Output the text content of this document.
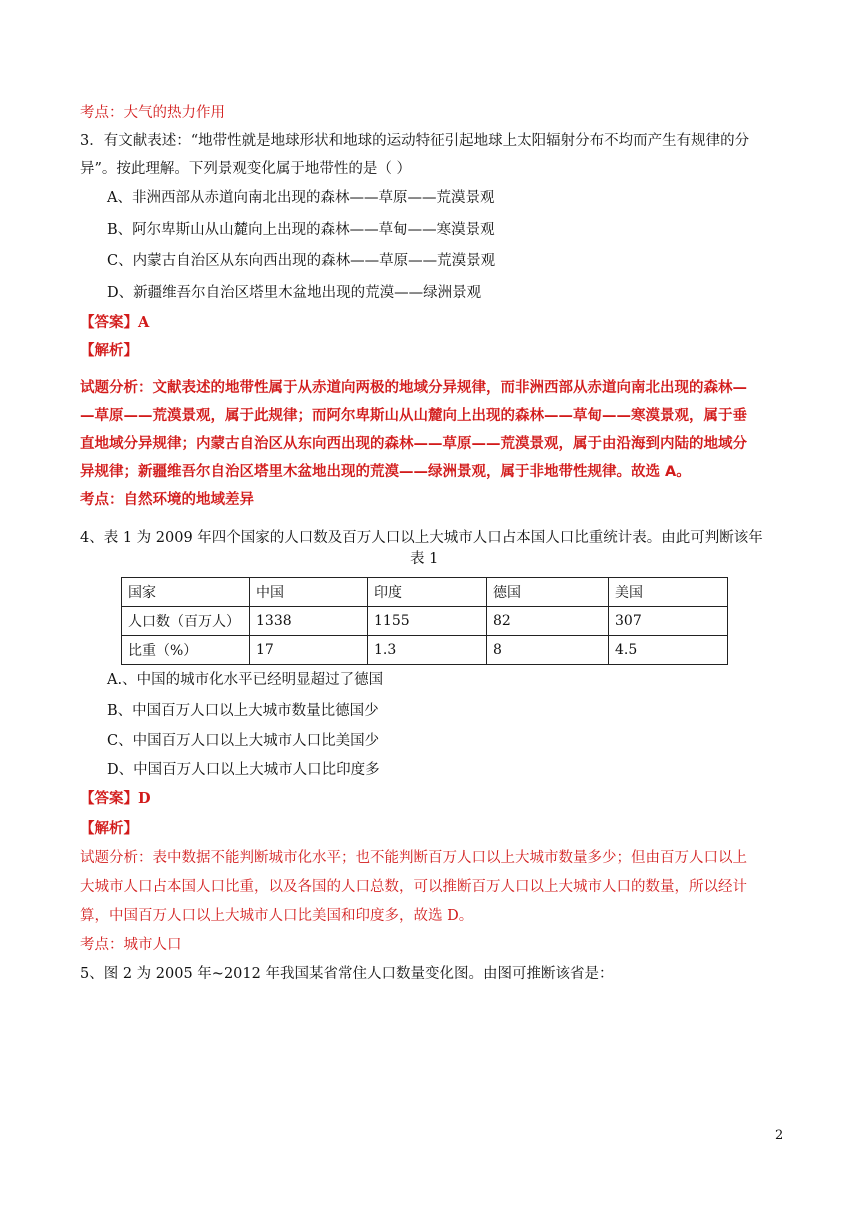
考点：大气的热力作用
3．有文献表述：“地带性就是地球形状和地球的运动特征引起地球上太阳辐射分布不均而产生有规律的分
异”。按此理解。下列景观变化属于地带性的是（ ）
A、非洲西部从赤道向南北出现的森林——草原——荒漠景观
B、阿尔卑斯山从山麓向上出现的森林——草甸——寒漠景观
C、内蒙古自治区从东向西出现的森林——草原——荒漠景观
D、新疆维吾尔自治区塔里木盆地出现的荒漠——绿洲景观
【答案】A
【解析】
试题分析：文献表述的地带性属于从赤道向两极的地域分异规律，而非洲西部从赤道向南北出现的森林—
—草原——荒漠景观，属于此规律；而阿尔卑斯山从山麓向上出现的森林——草甸——寒漠景观，属于垂
直地域分异规律；内蒙古自治区从东向西出现的森林——草原——荒漠景观，属于由沿海到内陆的地域分
异规律；新疆维吾尔自治区塔里木盆地出现的荒漠——绿洲景观，属于非地带性规律。故选 A。
考点：自然环境的地域差异
4、表 1 为 2009 年四个国家的人口数及百万人口以上大城市人口占本国人口比重统计表。由此可判断该年
表 1
国家	中国	印度	德国	美国
人口数（百万人）	1338	1155	82	307
比重（%）	17	1.3	8	4.5
A.、中国的城市化水平已经明显超过了德国
B、中国百万人口以上大城市数量比德国少
C、中国百万人口以上大城市人口比美国少
D、中国百万人口以上大城市人口比印度多
【答案】D
【解析】
试题分析：表中数据不能判断城市化水平；也不能判断百万人口以上大城市数量多少；但由百万人口以上
大城市人口占本国人口比重，以及各国的人口总数，可以推断百万人口以上大城市人口的数量，所以经计
算，中国百万人口以上大城市人口比美国和印度多，故选 D。
考点：城市人口
5、图 2 为 2005 年~2012 年我国某省常住人口数量变化图。由图可推断该省是：
2
